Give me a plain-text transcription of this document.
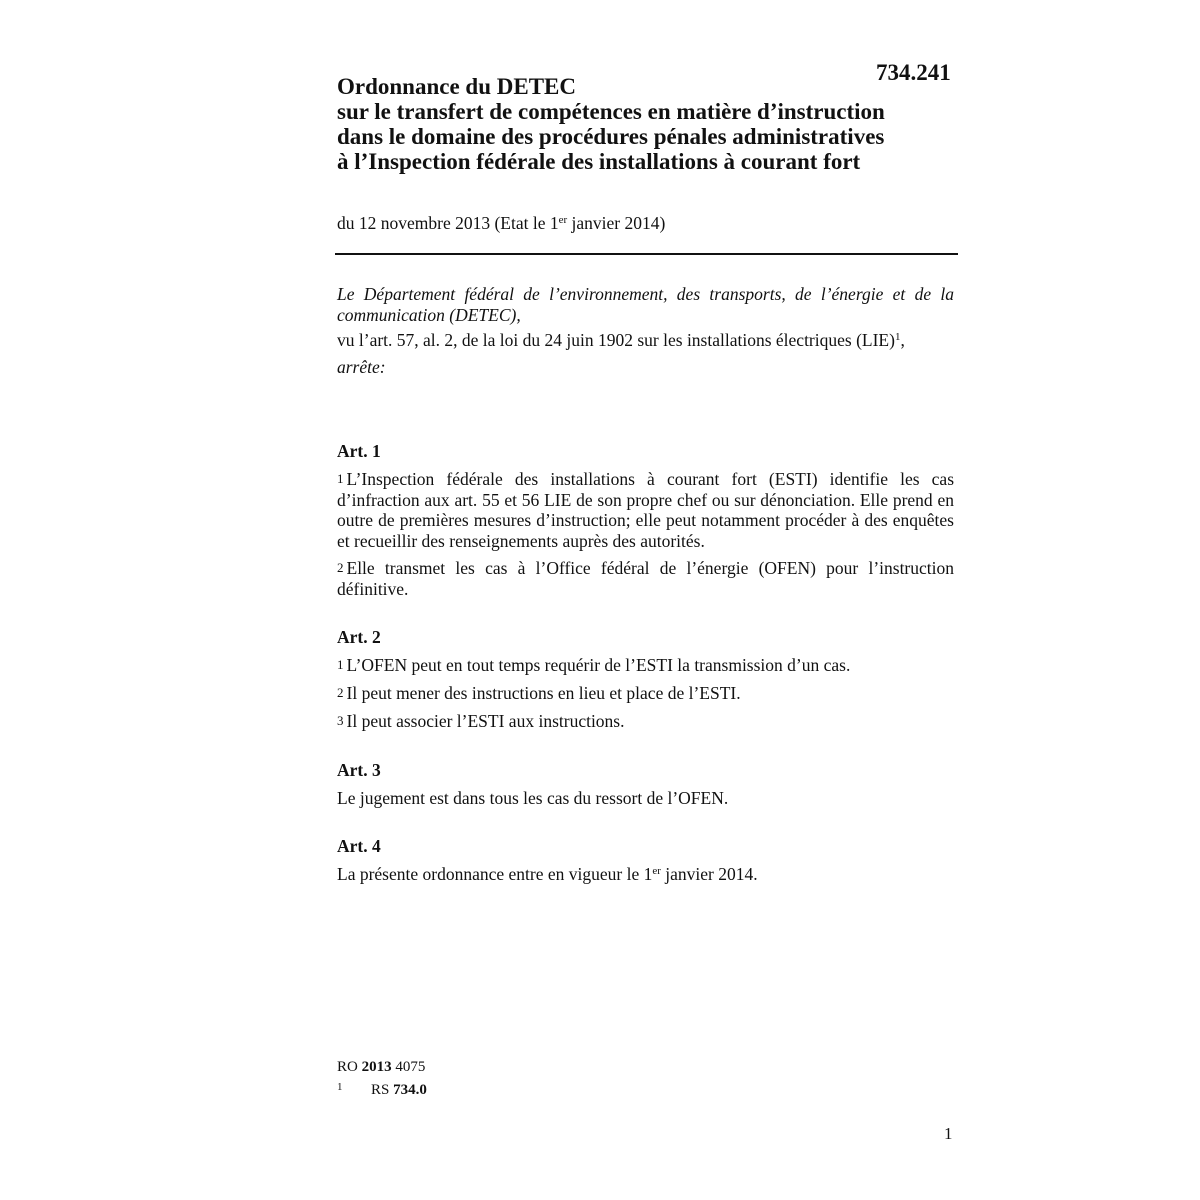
734.241
Ordonnance du DETEC
sur le transfert de compétences en matière d’instruction
dans le domaine des procédures pénales administratives
à l’Inspection fédérale des installations à courant fort
du 12 novembre 2013 (Etat le 1er janvier 2014)
Le Département fédéral de l’environnement, des transports, de l’énergie et de la communication (DETEC),
vu l’art. 57, al. 2, de la loi du 24 juin 1902 sur les installations électriques (LIE)$^1$,
arrête:
Art. 1
1 L’Inspection fédérale des installations à courant fort (ESTI) identifie les cas d’infraction aux art. 55 et 56 LIE de son propre chef ou sur dénonciation. Elle prend en outre de premières mesures d’instruction; elle peut notamment procéder à des enquêtes et recueillir des renseignements auprès des autorités.
2 Elle transmet les cas à l’Office fédéral de l’énergie (OFEN) pour l’instruction définitive.
Art. 2
1 L’OFEN peut en tout temps requérir de l’ESTI la transmission d’un cas.
2 Il peut mener des instructions en lieu et place de l’ESTI.
3 Il peut associer l’ESTI aux instructions.
Art. 3
Le jugement est dans tous les cas du ressort de l’OFEN.
Art. 4
La présente ordonnance entre en vigueur le 1er janvier 2014.
RO 2013 4075
1 RS 734.0
1
